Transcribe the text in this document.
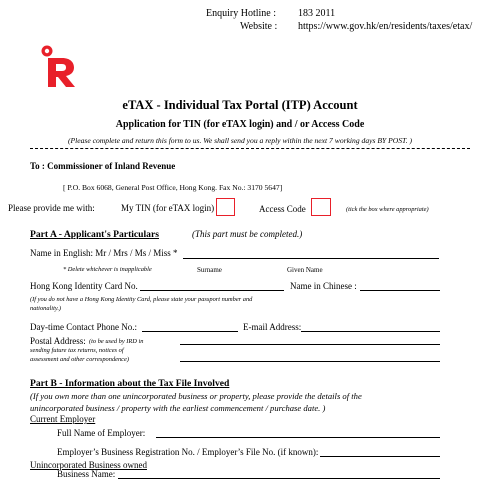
Enquiry Hotline : 183 2011
Website : https://www.gov.hk/en/residents/taxes/etax/
eTAX - Individual Tax Portal (ITP) Account
Application for TIN (for eTAX login) and / or Access Code
(Please complete and return this form to us. We shall send you a reply within the next 7 working days BY POST. )
To : Commissioner of Inland Revenue
[ P.O. Box 6068, General Post Office, Hong Kong. Fax No.: 3170 5647]
Please provide me with:	My TIN (for eTAX login)	Access Code	(tick the box where appropriate)
Part A - Applicant's Particulars	(This part must be completed.)
Name in English: Mr / Mrs / Ms / Miss *
* Delete whichever is inapplicable	Surname	Given Name
Hong Kong Identity Card No.	Name in Chinese :
(If you do not have a Hong Kong Identity Card, please state your passport number and
nationality.)
Day-time Contact Phone No.:	E-mail Address:
Postal Address: (to be used by IRD in
sending future tax returns, notices of
assessment and other correspondence)
Part B - Information about the Tax File Involved
(If you own more than one unincorporated business or property, please provide the details of the
unincorporated business / property with the earliest commencement / purchase date. )
Current Employer
Full Name of Employer:
Employer’s Business Registration No. / Employer’s File No. (if known):
Unincorporated Business owned
Business Name:
